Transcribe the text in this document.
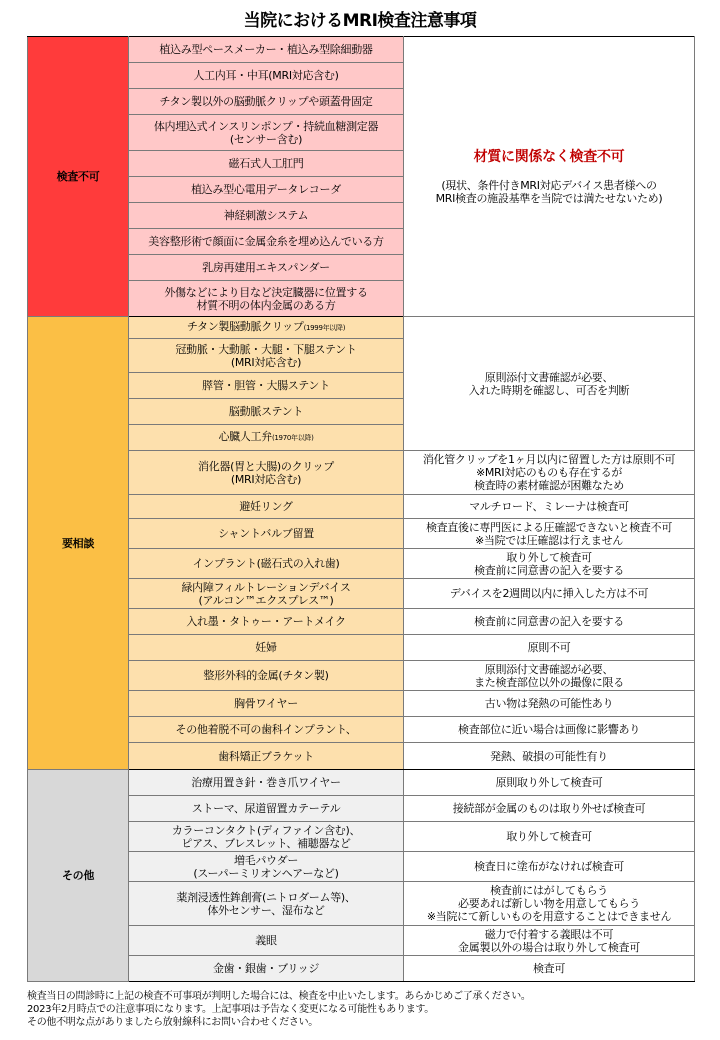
当院におけるMRI検査注意事項
検査不可	植込み型ペースメーカー・植込み型除細動器	材質に関係なく検査不可

(現状、条件付きMRI対応デバイス患者様への
MRI検査の施設基準を当院では満たせないため)

	人工内耳・中耳(MRI対応含む)	
	チタン製以外の脳動脈クリップや頭蓋骨固定	
	体内埋込式インスリンポンプ・持続血糖測定器
(センサー含む)	
	磁石式人工肛門	
	植込み型心電用データレコーダ	
	神経刺激システム	
	美容整形術で顔面に金属金糸を埋め込んでいる方	
	乳房再建用エキスパンダー	
	外傷などにより目など決定臓器に位置する
材質不明の体内金属のある方	
要相談	チタン製脳動脈クリップ(1999年以降)	原則添付文書確認が必要、
入れた時期を確認し、可否を判断
	冠動脈・大動脈・大腿・下腿ステント
(MRI対応含む)	
	膵管・胆管・大腸ステント	
	脳動脈ステント	
	心臓人工弁(1970年以降)	
	消化器(胃と大腸)のクリップ
(MRI対応含む)	消化管クリップを1ヶ月以内に留置した方は原則不可
※MRI対応のものも存在するが
検査時の素材確認が困難なため
	避妊リング	マルチロード、ミレーナは検査可
	シャントバルブ留置	検査直後に専門医による圧確認できないと検査不可
※当院では圧確認は行えません
	インプラント(磁石式の入れ歯)	取り外して検査可
検査前に同意書の記入を要する
	緑内障フィルトレーションデバイス
(アルコン™エクスプレス™)	デバイスを2週間以内に挿入した方は不可
	入れ墨・タトゥー・アートメイク	検査前に同意書の記入を要する
	妊婦	原則不可
	整形外科的金属(チタン製)	原則添付文書確認が必要、
また検査部位以外の撮像に限る
	胸骨ワイヤー	古い物は発熱の可能性あり
	その他着脱不可の歯科インプラント、	検査部位に近い場合は画像に影響あり
	歯科矯正ブラケット	発熱、破損の可能性有り
その他	治療用置き針・巻き爪ワイヤー	原則取り外して検査可
	ストーマ、尿道留置カテーテル	接続部が金属のものは取り外せば検査可
	カラーコンタクト(ディファイン含む)、
ピアス、ブレスレット、補聴器など	取り外して検査可
	増毛パウダー
(スーパーミリオンヘアーなど)	検査日に塗布がなければ検査可
	薬剤浸透性鉾創膏(ニトロダーム等)、
体外センサー、湿布など	検査前にはがしてもらう
必要あれば新しい物を用意してもらう
※当院にて新しいものを用意することはできません
	義眼	磁力で付着する義眼は不可
金属製以外の場合は取り外して検査可
	金歯・銀歯・ブリッジ	検査可
検査当日の問診時に上記の検査不可事項が判明した場合には、検査を中止いたします。あらかじめご了承ください。
2023年2月時点での注意事項になります。上記事項は予告なく変更になる可能性もあります。
その他不明な点がありましたら放射線科にお問い合わせください。
